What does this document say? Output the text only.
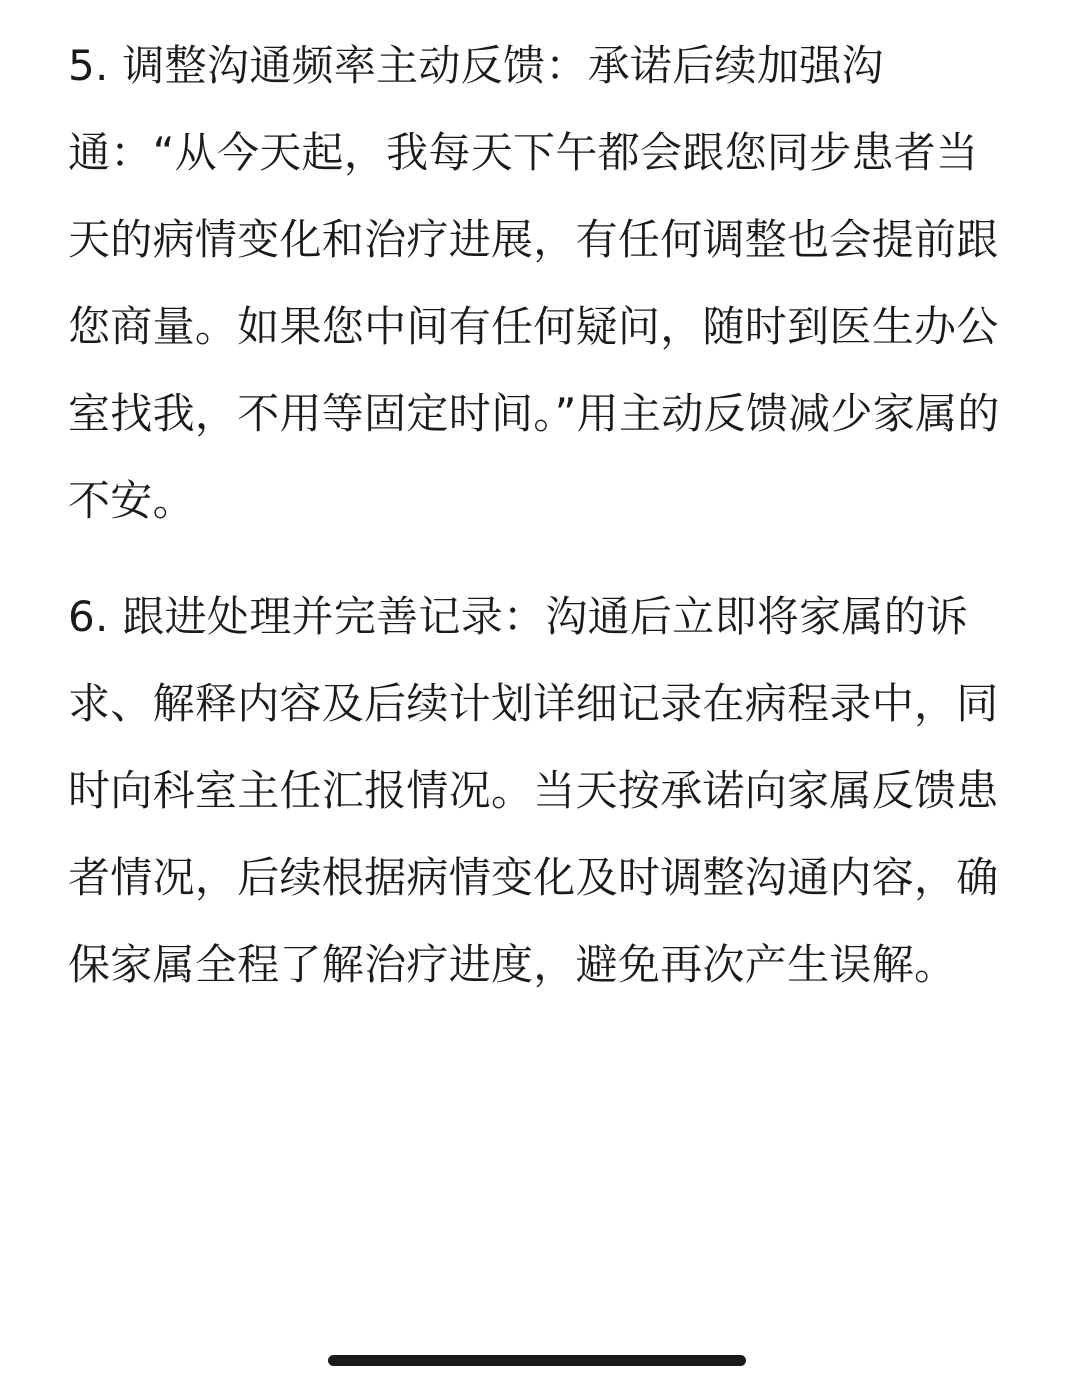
5. 调整沟通频率主动反馈：承诺后续加强沟通：“从今天起，我每天下午都会跟您同步患者当天的病情变化和治疗进展，有任何调整也会提前跟您商量。如果您中间有任何疑问，随时到医生办公室找我，不用等固定时间。”用主动反馈减少家属的不安。

6. 跟进处理并完善记录：沟通后立即将家属的诉求、解释内容及后续计划详细记录在病程录中，同时向科室主任汇报情况。当天按承诺向家属反馈患者情况，后续根据病情变化及时调整沟通内容，确保家属全程了解治疗进度，避免再次产生误解。
